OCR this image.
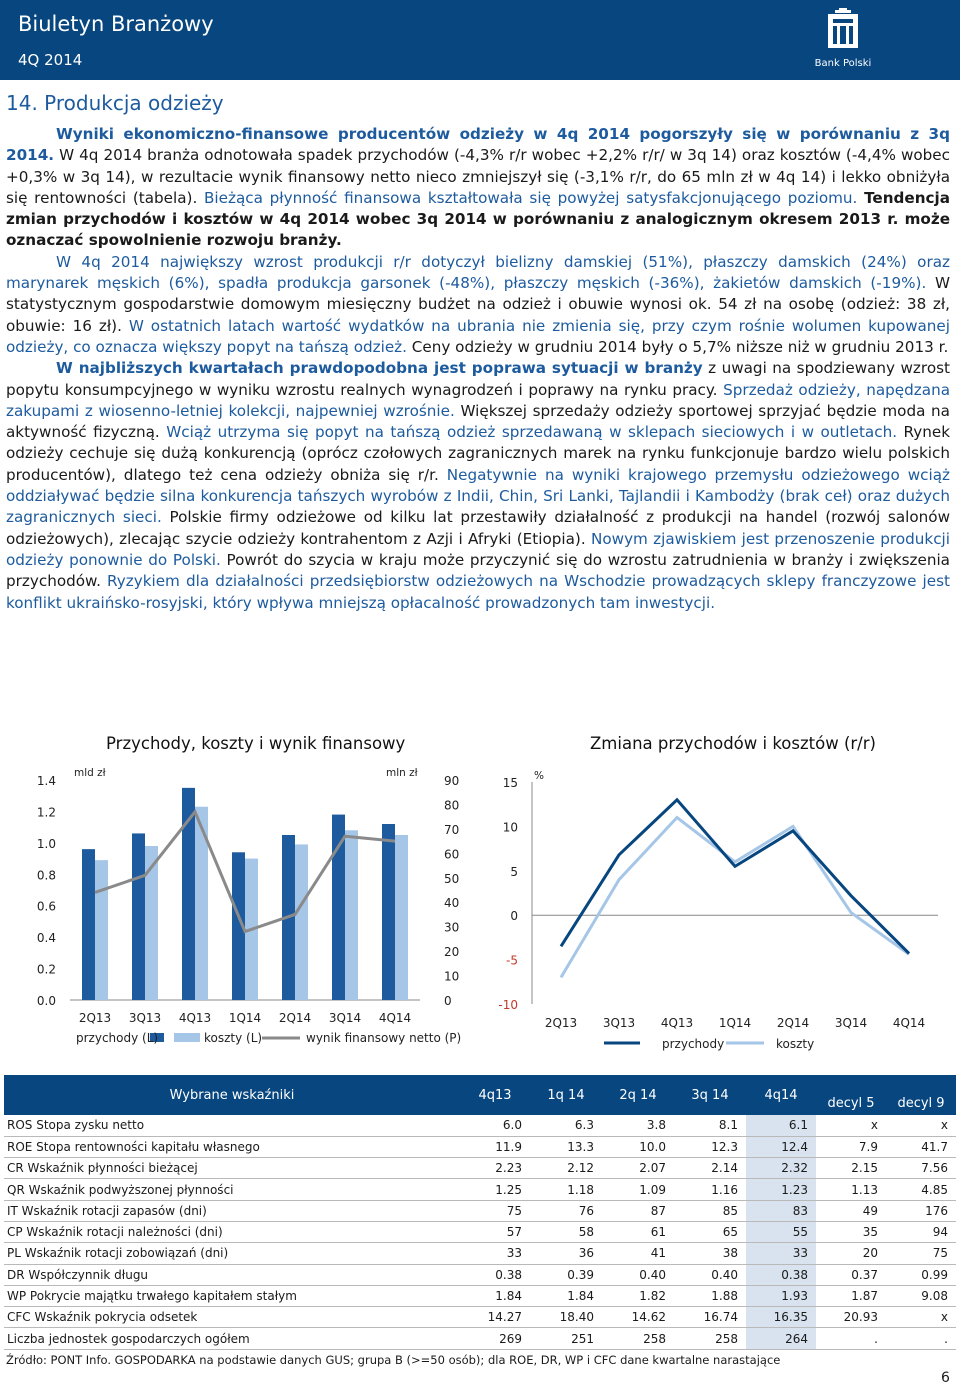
Biuletyn Branżowy
4Q 2014	Bank Polski
14. Produkcja odzieży

Wyniki ekonomiczno-finansowe producentów odzieży w 4q 2014 pogorszyły się w porównaniu z 3q 2014. W 4q 2014 branża odnotowała spadek przychodów (-4,3% r/r wobec +2,2% r/r/ w 3q 14) oraz kosztów (-4,4% wobec +0,3% w 3q 14), w rezultacie wynik finansowy netto nieco zmniejszył się (-3,1% r/r, do 65 mln zł w 4q 14) i lekko obniżyła się rentowności (tabela). Bieżąca płynność finansowa kształtowała się powyżej satysfakcjonującego poziomu. Tendencja zmian przychodów i kosztów w 4q 2014 wobec 3q 2014 w porównaniu z analogicznym okresem 2013 r. może oznaczać spowolnienie rozwoju branży.

W 4q 2014 największy wzrost produkcji r/r dotyczył bielizny damskiej (51%), płaszczy damskich (24%) oraz marynarek męskich (6%), spadła produkcja garsonek (-48%), płaszczy męskich (-36%), żakietów damskich (-19%). W statystycznym gospodarstwie domowym miesięczny budżet na odzież i obuwie wynosi ok. 54 zł na osobę (odzież: 38 zł, obuwie: 16 zł). W ostatnich latach wartość wydatków na ubrania nie zmienia się, przy czym rośnie wolumen kupowanej odzieży, co oznacza większy popyt na tańszą odzież. Ceny odzieży w grudniu 2014 były o 5,7% niższe niż w grudniu 2013 r.

W najbliższych kwartałach prawdopodobna jest poprawa sytuacji w branży z uwagi na spodziewany wzrost popytu konsumpcyjnego w wyniku wzrostu realnych wynagrodzeń i poprawy na rynku pracy. Sprzedaż odzieży, napędzana zakupami z wiosenno-letniej kolekcji, najpewniej wzrośnie. Większej sprzedaży odzieży sportowej sprzyjać będzie moda na aktywność fizyczną. Wciąż utrzyma się popyt na tańszą odzież sprzedawaną w sklepach sieciowych i w outletach. Rynek odzieży cechuje się dużą konkurencją (oprócz czołowych zagranicznych marek na rynku funkcjonuje bardzo wielu polskich producentów), dlatego też cena odzieży obniża się r/r. Negatywnie na wyniki krajowego przemysłu odzieżowego wciąż oddziaływać będzie silna konkurencja tańszych wyrobów z Indii, Chin, Sri Lanki, Tajlandii i Kambodży (brak ceł) oraz dużych zagranicznych sieci. Polskie firmy odzieżowe od kilku lat przestawiły działalność z produkcji na handel (rozwój salonów odzieżowych), zlecając szycie odzieży kontrahentom z Azji i Afryki (Etiopia). Nowym zjawiskiem jest przenoszenie produkcji odzieży ponownie do Polski. Powrót do szycia w kraju może przyczynić się do wzrostu zatrudnienia w branży i zwiększenia przychodów. Ryzykiem dla działalności przedsiębiorstw odzieżowych na Wschodzie prowadzących sklepy franczyzowe jest konflikt ukraińsko-rosyjski, który wpływa mniejszą opłacalność prowadzonych tam inwestycji.

Przychody, koszty i wynik finansowy
0.0
0.2
0.4
0.6
0.8
1.0
1.2
1.4
0
10
20
30
40
50
60
70
80
90
mld zł	mln zł
2Q13 3Q13 4Q13 1Q14 2Q14 3Q14 4Q14
przychody (L)	koszty (L)	wynik finansowy netto (P)
Zmiana przychodów i kosztów (r/r)
-10
-5
0
5
10
15 %
2Q13 3Q13 4Q13 1Q14 2Q14 3Q14 4Q14
przychody	koszty
Wybrane wskaźniki	4q13	1q 14	2q 14	3q 14	4q14	decyl 5	decyl 9
ROS Stopa zysku netto	6.0	6.3	3.8	8.1	6.1	x	x
ROE Stopa rentowności kapitału własnego	11.9	13.3	10.0	12.3	12.4	7.9	41.7
CR Wskaźnik płynności bieżącej	2.23	2.12	2.07	2.14	2.32	2.15	7.56
QR Wskaźnik podwyższonej płynności	1.25	1.18	1.09	1.16	1.23	1.13	4.85
IT Wskaźnik rotacji zapasów (dni)	75	76	87	85	83	49	176
CP Wskaźnik rotacji należności (dni)	57	58	61	65	55	35	94
PL Wskaźnik rotacji zobowiązań (dni)	33	36	41	38	33	20	75
DR Współczynnik długu	0.38	0.39	0.40	0.40	0.38	0.37	0.99
WP Pokrycie majątku trwałego kapitałem stałym	1.84	1.84	1.82	1.88	1.93	1.87	9.08
CFC Wskaźnik pokrycia odsetek	14.27	18.40	14.62	16.74	16.35	20.93	x
Liczba jednostek gospodarczych ogółem	269	251	258	258	264	.	.
Źródło: PONT Info. GOSPODARKA na podstawie danych GUS; grupa B (>=50 osób); dla ROE, DR, WP i CFC dane kwartalne narastające
6
